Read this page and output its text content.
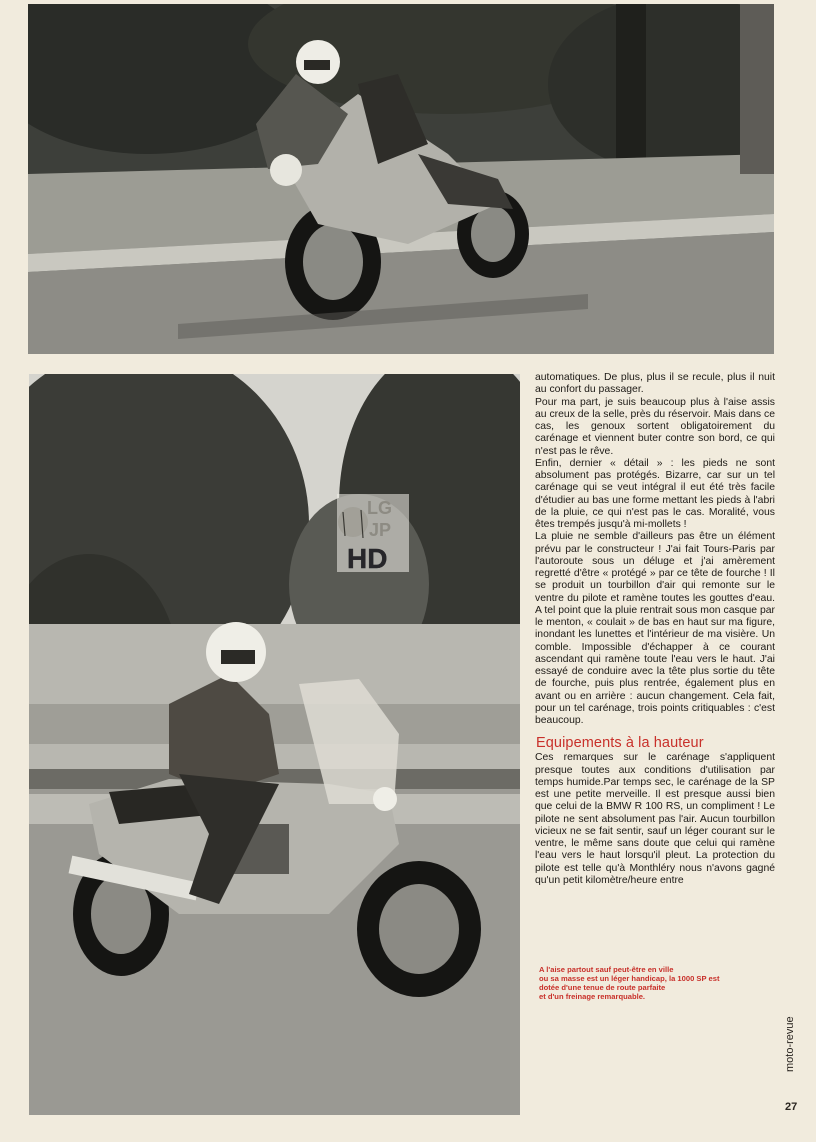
LG
JP
HD

automatiques. De plus, plus il se recule, plus il nuit au confort du passager.

Pour ma part, je suis beaucoup plus à l'aise assis au creux de la selle, près du réservoir. Mais dans ce cas, les genoux sortent obligatoirement du carénage et viennent buter contre son bord, ce qui n'est pas le rêve.

Enfin, dernier « détail » : les pieds ne sont absolument pas protégés. Bizarre, car sur un tel carénage qui se veut intégral il eut été très facile d'étudier au bas une forme mettant les pieds à l'abri de la pluie, ce qui n'est pas le cas. Moralité, vous êtes trempés jusqu'à mi-mollets !

La pluie ne semble d'ailleurs pas être un élément prévu par le constructeur ! J'ai fait Tours-Paris par l'autoroute sous un déluge et j'ai amèrement regretté d'être « protégé » par ce tête de fourche ! Il se produit un tourbillon d'air qui remonte sur le ventre du pilote et ramène toutes les gouttes d'eau. A tel point que la pluie rentrait sous mon casque par le menton, « coulait » de bas en haut sur ma figure, inondant les lunettes et l'intérieur de ma visière. Un comble. Impossible d'échapper à ce courant ascendant qui ramène toute l'eau vers le haut. J'ai essayé de conduire avec la tête plus sortie du tête de fourche, puis plus rentrée, également plus en avant ou en arrière : aucun changement. Cela fait, pour un tel carénage, trois points critiquables : c'est beaucoup.

Equipements à la hauteur

Ces remarques sur le carénage s'appliquent presque toutes aux conditions d'utilisation par temps humide.Par temps sec, le carénage de la SP est une petite merveille. Il est presque aussi bien que celui de la BMW R 100 RS, un compliment ! Le pilote ne sent absolument pas l'air. Aucun tourbillon vicieux ne se fait sentir, sauf un léger courant sur le ventre, le même sans doute que celui qui ramène l'eau vers le haut lorsqu'il pleut. La protection du pilote est telle qu'à Monthléry nous n'avons gagné qu'un petit kilomètre/heure entre

A l'aise partout sauf peut-être en ville
ou sa masse est un léger handicap, la 1000 SP est
dotée d'une tenue de route parfaite
et d'un freinage remarquable.
moto-revue
27
